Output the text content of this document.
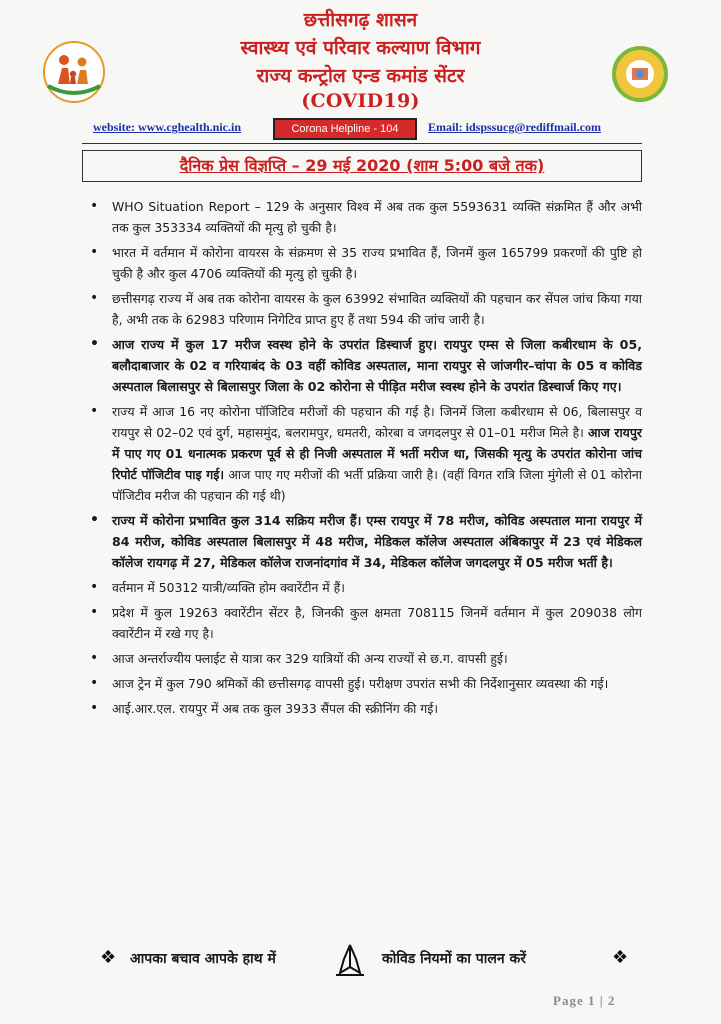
छत्तीसगढ़ शासन
स्वास्थ्य एवं परिवार कल्याण विभाग
राज्य कन्ट्रोल एन्ड कमांड सेंटर
(COVID19)
website: www.cghealth.nic.in	Corona Helpline - 104	Email: idspssucg@rediffmail.com
दैनिक प्रेस विज्ञप्ति – 29 मई 2020 (शाम 5:00 बजे तक)
• WHO Situation Report – 129 के अनुसार विश्व में अब तक कुल 5593631 व्यक्ति संक्रमित हैं और अभी तक कुल 353334 व्यक्तियों की मृत्यु हो चुकी है।
• भारत में वर्तमान में कोरोना वायरस के संक्रमण से 35 राज्य प्रभावित हैं, जिनमें कुल 165799 प्रकरणों की पुष्टि हो चुकी है और कुल 4706 व्यक्तियों की मृत्यु हो चुकी है।
• छत्तीसगढ़ राज्य में अब तक कोरोना वायरस के कुल 63992 संभावित व्यक्तियों की पहचान कर सेंपल जांच किया गया है, अभी तक के 62983 परिणाम निगेटिव प्राप्त हुए हैं तथा 594 की जांच जारी है।
• आज राज्य में कुल 17 मरीज स्वस्थ होने के उपरांत डिस्चार्ज हुए। रायपुर एम्स से जिला कबीरधाम के 05, बलौदाबाजार के 02 व गरियाबंद के 03 वहीं कोविड अस्पताल, माना रायपुर से जांजगीर–चांपा के 05 व कोविड अस्पताल बिलासपुर से बिलासपुर जिला के 02 कोरोना से पीड़ित मरीज स्वस्थ होने के उपरांत डिस्चार्ज किए गए।
• राज्य में आज 16 नए कोरोना पॉजिटिव मरीजों की पहचान की गई है। जिनमें जिला कबीरधाम से 06, बिलासपुर व रायपुर से 02–02 एवं दुर्ग, महासमुंद, बलरामपुर, धमतरी, कोरबा व जगदलपुर से 01–01 मरीज मिले है। आज रायपुर में पाए गए 01 धनात्मक प्रकरण पूर्व से ही निजी अस्पताल में भर्ती मरीज था, जिसकी मृत्यु के उपरांत कोरोना जांच रिपोर्ट पॉजिटीव पाइ गई। आज पाए गए मरीजों की भर्ती प्रक्रिया जारी है। (वहीं विगत रात्रि जिला मुंगेली से 01 कोरोना पॉजिटीव मरीज की पहचान की गई थी)
• राज्य में कोरोना प्रभावित कुल 314 सक्रिय मरीज हैं। एम्स रायपुर में 78 मरीज, कोविड अस्पताल माना रायपुर में 84 मरीज, कोविड अस्पताल बिलासपुर में 48 मरीज, मेडिकल कॉलेज अस्पताल अंबिकापुर में 23 एवं मेडिकल कॉलेज रायगढ़ में 27, मेडिकल कॉलेज राजनांदगांव में 34, मेडिकल कॉलेज जगदलपुर में 05 मरीज भर्ती है।
• वर्तमान में 50312 यात्री/व्यक्ति होम क्वारेंटीन में हैं।
• प्रदेश में कुल 19263 क्वारेंटीन सेंटर है, जिनकी कुल क्षमता 708115 जिनमें वर्तमान में कुल 209038 लोग क्वारेंटीन में रखे गए है।
• आज अन्तर्राज्यीय फ्लाईट से यात्रा कर 329 यात्रियों की अन्य राज्यों से छ.ग. वापसी हुई।
• आज ट्रेन में कुल 790 श्रमिकों की छत्तीसगढ़ वापसी हुई। परीक्षण उपरांत सभी की निर्देशानुसार व्यवस्था की गई।
• आई.आर.एल. रायपुर में अब तक कुल 3933 सैंपल की स्क्रीनिंग की गई।
❖ आपका बचाव आपके हाथ में	कोविड नियमों का पालन करें	❖
Page 1 | 2
